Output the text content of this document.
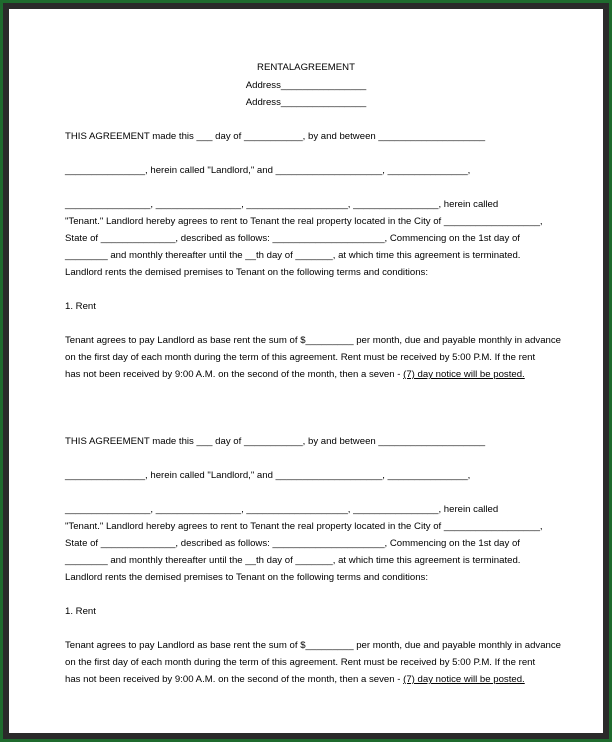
RENTALAGREEMENT
Address________________
Address________________
THIS AGREEMENT made this ___ day of ___________, by and between ____________________
_______________, herein called "Landlord," and ____________________, _______________,
________________, ________________, ___________________, ________________, herein called
"Tenant." Landlord hereby agrees to rent to Tenant the real property located in the City of __________________,
State of ______________, described as follows: _____________________, Commencing on the 1st day of
________ and monthly thereafter until the __th day of _______, at which time this agreement is terminated.
Landlord rents the demised premises to Tenant on the following terms and conditions:
1. Rent
Tenant agrees to pay Landlord as base rent the sum of $_________ per month, due and payable monthly in advance
on the first day of each month during the term of this agreement. Rent must be received by 5:00 P.M. If the rent
has not been received by 9:00 A.M. on the second of the month, then a seven - (7) day notice will be posted.
THIS AGREEMENT made this ___ day of ___________, by and between ____________________
_______________, herein called "Landlord," and ____________________, _______________,
________________, ________________, ___________________, ________________, herein called
"Tenant." Landlord hereby agrees to rent to Tenant the real property located in the City of __________________,
State of ______________, described as follows: _____________________, Commencing on the 1st day of
________ and monthly thereafter until the __th day of _______, at which time this agreement is terminated.
Landlord rents the demised premises to Tenant on the following terms and conditions:
1. Rent
Tenant agrees to pay Landlord as base rent the sum of $_________ per month, due and payable monthly in advance
on the first day of each month during the term of this agreement. Rent must be received by 5:00 P.M. If the rent
has not been received by 9:00 A.M. on the second of the month, then a seven - (7) day notice will be posted.
